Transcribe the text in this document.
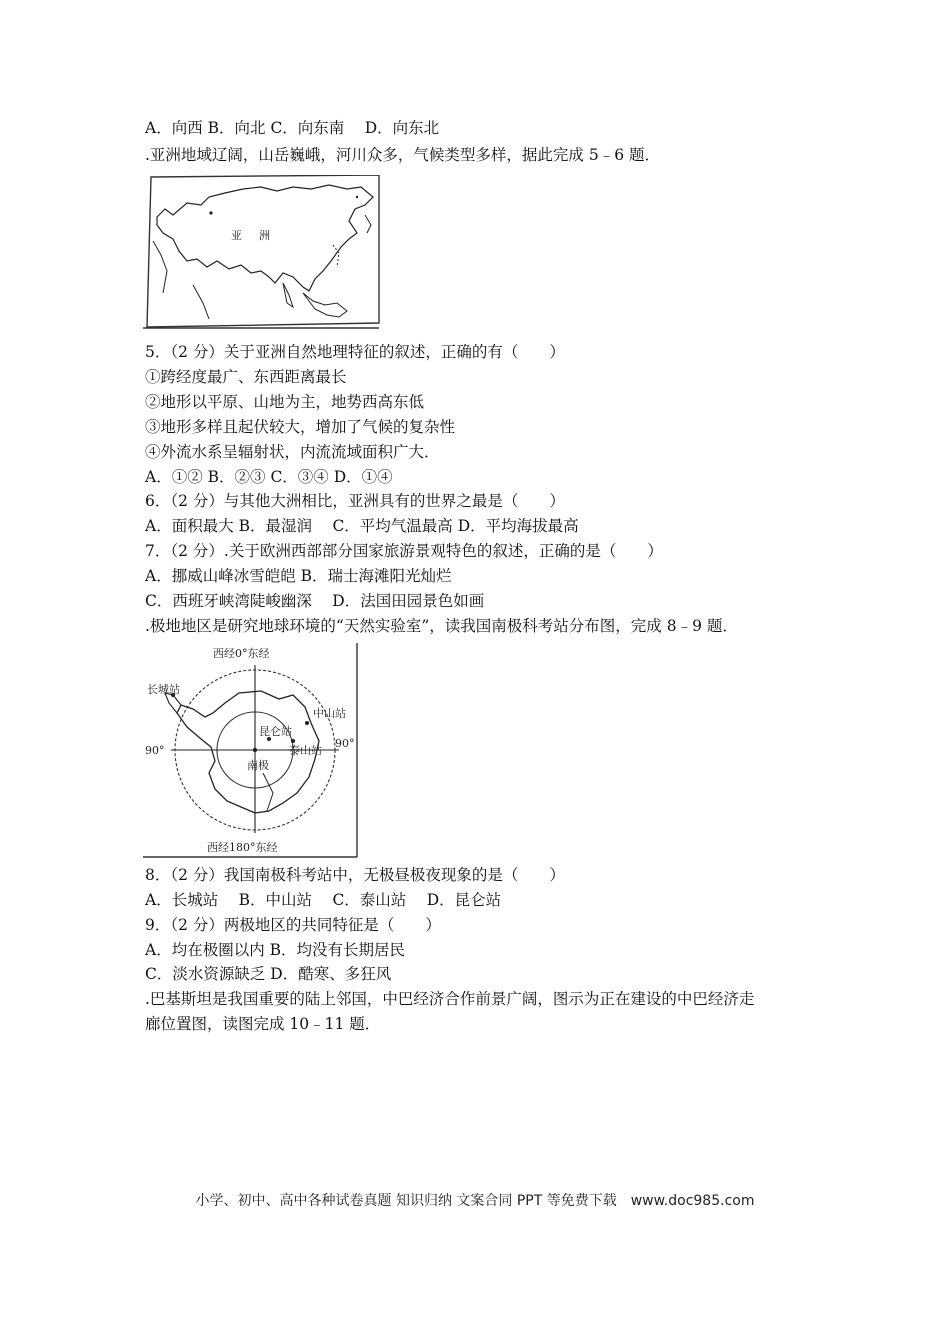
A．向西 B．向北 C．向东南　 D．向东北
.亚洲地域辽阔，山岳巍峨，河川众多，气候类型多样，据此完成 5﹣6 题．
亚 洲
5．（2 分）关于亚洲自然地理特征的叙述，正确的有（　　）
①跨经度最广、东西距离最长
②地形以平原、山地为主，地势西高东低
③地形多样且起伏较大，增加了气候的复杂性
④外流水系呈辐射状，内流流域面积广大．
A．①② B．②③ C．③④ D．①④
6．（2 分）与其他大洲相比，亚洲具有的世界之最是（　　）
A．面积最大 B．最湿润　 C．平均气温最高 D．平均海拔最高
7．（2 分）.关于欧洲西部部分国家旅游景观特色的叙述，正确的是（　　）
A．挪威山峰冰雪皑皑 B．瑞士海滩阳光灿烂
C．西班牙峡湾陡峻幽深　 D．法国田园景色如画
.极地地区是研究地球环境的“天然实验室”，读我国南极科考站分布图，完成 8﹣9 题．
西经0°东经
西经180°东经
90°
90°
长城站
中山站
昆仑站
泰山站
南极
8．（2 分）我国南极科考站中，无极昼极夜现象的是（　　）
A．长城站　 B．中山站　 C．泰山站　 D．昆仑站
9．（2 分）两极地区的共同特征是（　　）
A．均在极圈以内 B．均没有长期居民
C．淡水资源缺乏 D．酷寒、多狂风
.巴基斯坦是我国重要的陆上邻国，中巴经济合作前景广阔，图示为正在建设的中巴经济走
廊位置图，读图完成 10﹣11 题．
小学、初中、高中各种试卷真题 知识归纳 文案合同 PPT 等免费下载　www.doc985.com
